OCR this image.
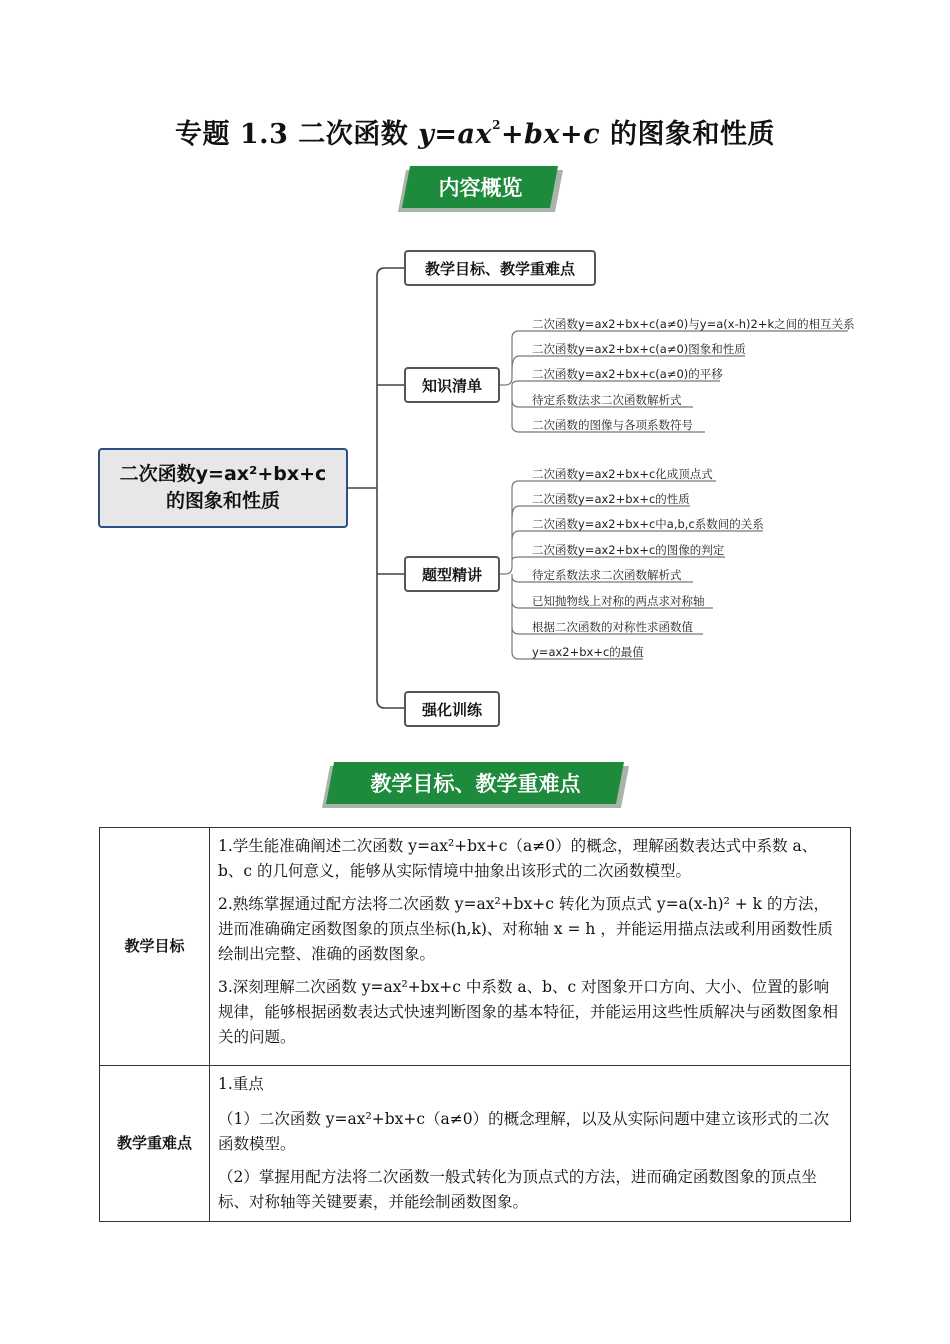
专题 1.3 二次函数 $y=ax^2+bx+c$ 的图象和性质
内容概览
二次函数y=ax²+bx+c
的图象和性质
教学目标、教学重难点
知识清单
题型精讲
强化训练
二次函数y=ax2+bx+c(a≠0)与y=a(x-h)2+k之间的相互关系
二次函数y=ax2+bx+c(a≠0)图象和性质
二次函数y=ax2+bx+c(a≠0)的平移
待定系数法求二次函数解析式
二次函数的图像与各项系数符号
二次函数y=ax2+bx+c化成顶点式
二次函数y=ax2+bx+c的性质
二次函数y=ax2+bx+c中a,b,c系数间的关系
二次函数y=ax2+bx+c的图像的判定
待定系数法求二次函数解析式
已知抛物线上对称的两点求对称轴
根据二次函数的对称性求函数值
y=ax2+bx+c的最值
教学目标、教学重难点
教学目标	1.学生能准确阐述二次函数 y=ax²+bx+c（a≠0）的概念，理解函数表达式中系数 a、b、c 的几何意义，能够从实际情境中抽象出该形式的二次函数模型。

2.熟练掌握通过配方法将二次函数 y=ax²+bx+c 转化为顶点式 y=a(x-h)² + k 的方法，进而准确确定函数图象的顶点坐标(h,k)、对称轴 x = h ，并能运用描点法或利用函数性质绘制出完整、准确的函数图象。

3.深刻理解二次函数 y=ax²+bx+c 中系数 a、b、c 对图象开口方向、大小、位置的影响规律，能够根据函数表达式快速判断图象的基本特征，并能运用这些性质解决与函数图象相关的问题。

教学重难点	1.重点

（1）二次函数 y=ax²+bx+c（a≠0）的概念理解，以及从实际问题中建立该形式的二次函数模型。

（2）掌握用配方法将二次函数一般式转化为顶点式的方法，进而确定函数图象的顶点坐标、对称轴等关键要素，并能绘制函数图象。
